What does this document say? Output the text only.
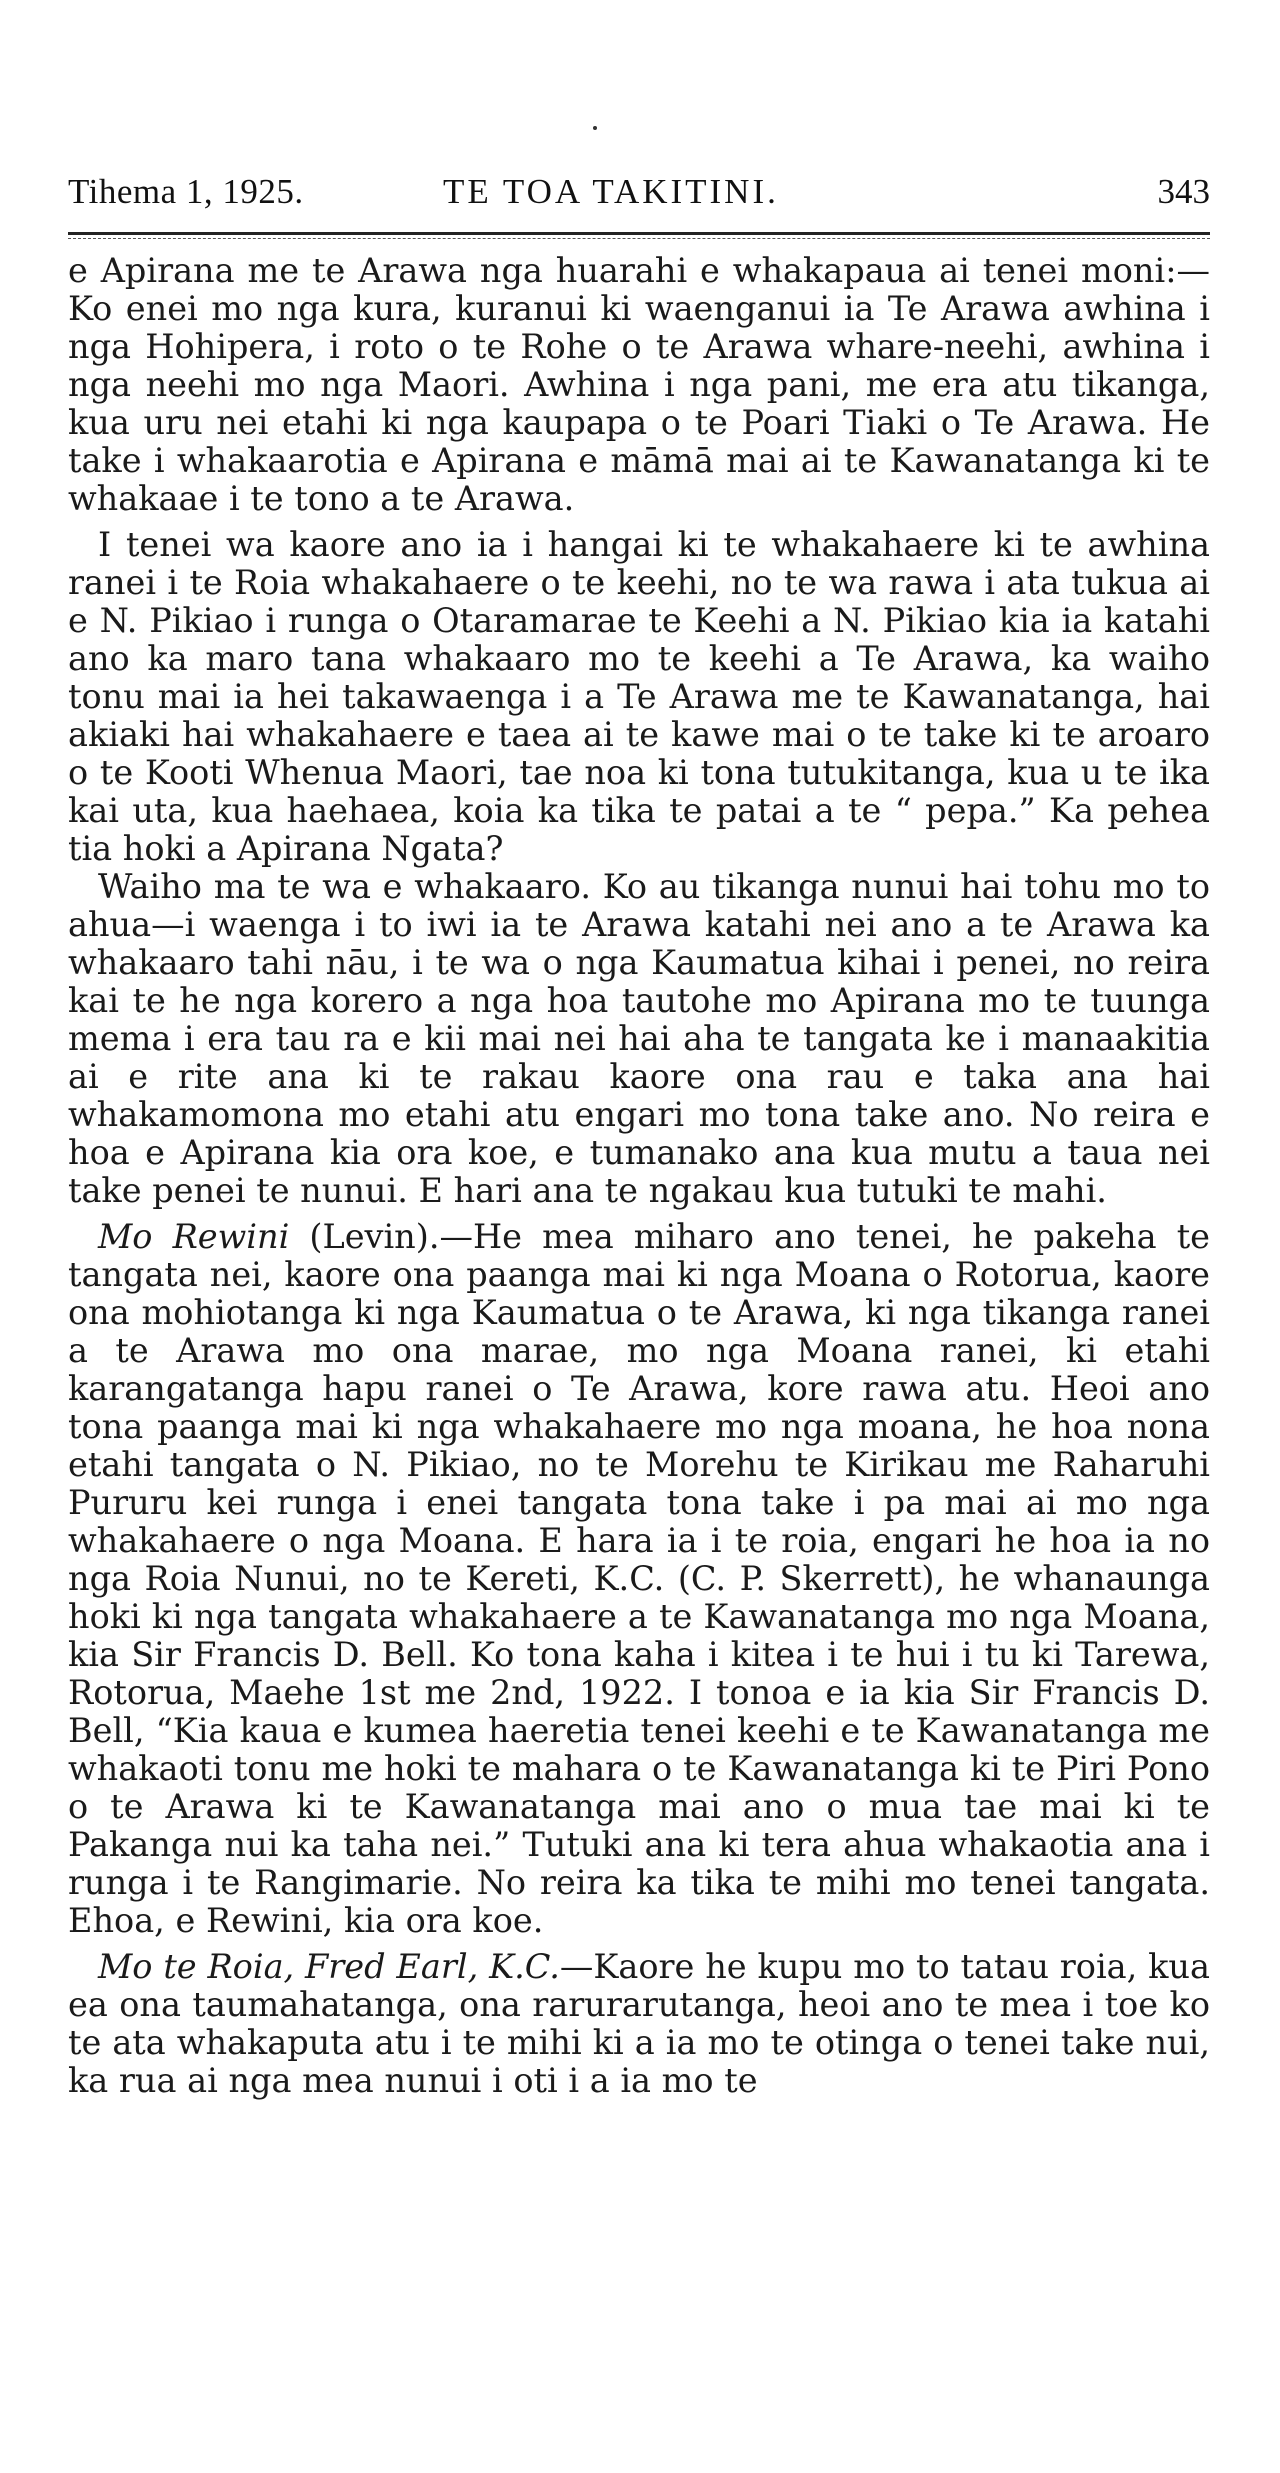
Tihema 1, 1925.	TE TOA TAKITINI.	343

e Apirana me te Arawa nga huarahi e whakapaua ai tenei moni:—Ko enei mo nga kura, kuranui ki waenganui ia Te Arawa awhina i nga Hohipera, i roto o te Rohe o te Arawa whare-neehi, awhina i nga neehi mo nga Maori. Awhina i nga pani, me era atu tikanga, kua uru nei etahi ki nga kaupapa o te Poari Tiaki o Te Arawa. He take i whakaarotia e Apirana e māmā mai ai te Kawanatanga ki te whakaae i te tono a te Arawa.

I tenei wa kaore ano ia i hangai ki te whakahaere ki te awhina ranei i te Roia whakahaere o te keehi, no te wa rawa i ata tukua ai e N. Pikiao i runga o Otaramarae te Keehi a N. Pikiao kia ia katahi ano ka maro tana whakaaro mo te keehi a Te Arawa, ka waiho tonu mai ia hei takawaenga i a Te Arawa me te Kawanatanga, hai akiaki hai whakahaere e taea ai te kawe mai o te take ki te aroaro o te Kooti Whenua Maori, tae noa ki tona tutukitanga, kua u te ika kai uta, kua haehaea, koia ka tika te patai a te “ pepa.” Ka pehea tia hoki a Apirana Ngata?

Waiho ma te wa e whakaaro. Ko au tikanga nunui hai tohu mo to ahua—i waenga i to iwi ia te Arawa katahi nei ano a te Arawa ka whakaaro tahi nāu, i te wa o nga Kaumatua kihai i penei, no reira kai te he nga korero a nga hoa tautohe mo Apirana mo te tuunga mema i era tau ra e kii mai nei hai aha te tangata ke i manaakitia ai e rite ana ki te rakau kaore ona rau e taka ana hai whakamomona mo etahi atu engari mo tona take ano. No reira e hoa e Apirana kia ora koe, e tumanako ana kua mutu a taua nei take penei te nunui. E hari ana te ngakau kua tutuki te mahi.

Mo Rewini (Levin).—He mea miharo ano tenei, he pakeha te tangata nei, kaore ona paanga mai ki nga Moana o Rotorua, kaore ona mohiotanga ki nga Kaumatua o te Arawa, ki nga tikanga ranei a te Arawa mo ona marae, mo nga Moana ranei, ki etahi karangatanga hapu ranei o Te Arawa, kore rawa atu. Heoi ano tona paanga mai ki nga whakahaere mo nga moana, he hoa nona etahi tangata o N. Pikiao, no te Morehu te Kirikau me Raharuhi Pururu kei runga i enei tangata tona take i pa mai ai mo nga whakahaere o nga Moana. E hara ia i te roia, engari he hoa ia no nga Roia Nunui, no te Kereti, K.C. (C. P. Skerrett), he whanaunga hoki ki nga tangata whakahaere a te Kawanatanga mo nga Moana, kia Sir Francis D. Bell. Ko tona kaha i kitea i te hui i tu ki Tarewa, Rotorua, Maehe 1st me 2nd, 1922. I tonoa e ia kia Sir Francis D. Bell, “Kia kaua e kumea haeretia tenei keehi e te Kawanatanga me whakaoti tonu me hoki te mahara o te Kawanatanga ki te Piri Pono o te Arawa ki te Kawanatanga mai ano o mua tae mai ki te Pakanga nui ka taha nei.” Tutuki ana ki tera ahua whakaotia ana i runga i te Rangimarie. No reira ka tika te mihi mo tenei tangata. Ehoa, e Rewini, kia ora koe.

Mo te Roia, Fred Earl, K.C.—Kaore he kupu mo to tatau roia, kua ea ona taumahatanga, ona rarurarutanga, heoi ano te mea i toe ko te ata whakaputa atu i te mihi ki a ia mo te otinga o tenei take nui, ka rua ai nga mea nunui i oti i a ia mo te
